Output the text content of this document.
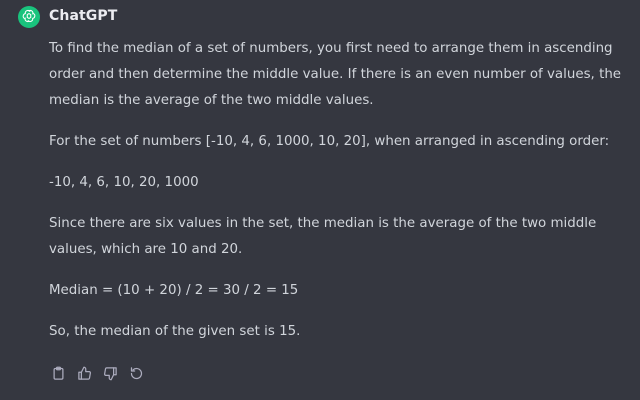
ChatGPT

To find the median of a set of numbers, you first need to arrange them in ascending order and then determine the middle value. If there is an even number of values, the median is the average of the two middle values.

For the set of numbers [-10, 4, 6, 1000, 10, 20], when arranged in ascending order:

-10, 4, 6, 10, 20, 1000

Since there are six values in the set, the median is the average of the two middle values, which are 10 and 20.

Median = (10 + 20) / 2 = 30 / 2 = 15

So, the median of the given set is 15.
